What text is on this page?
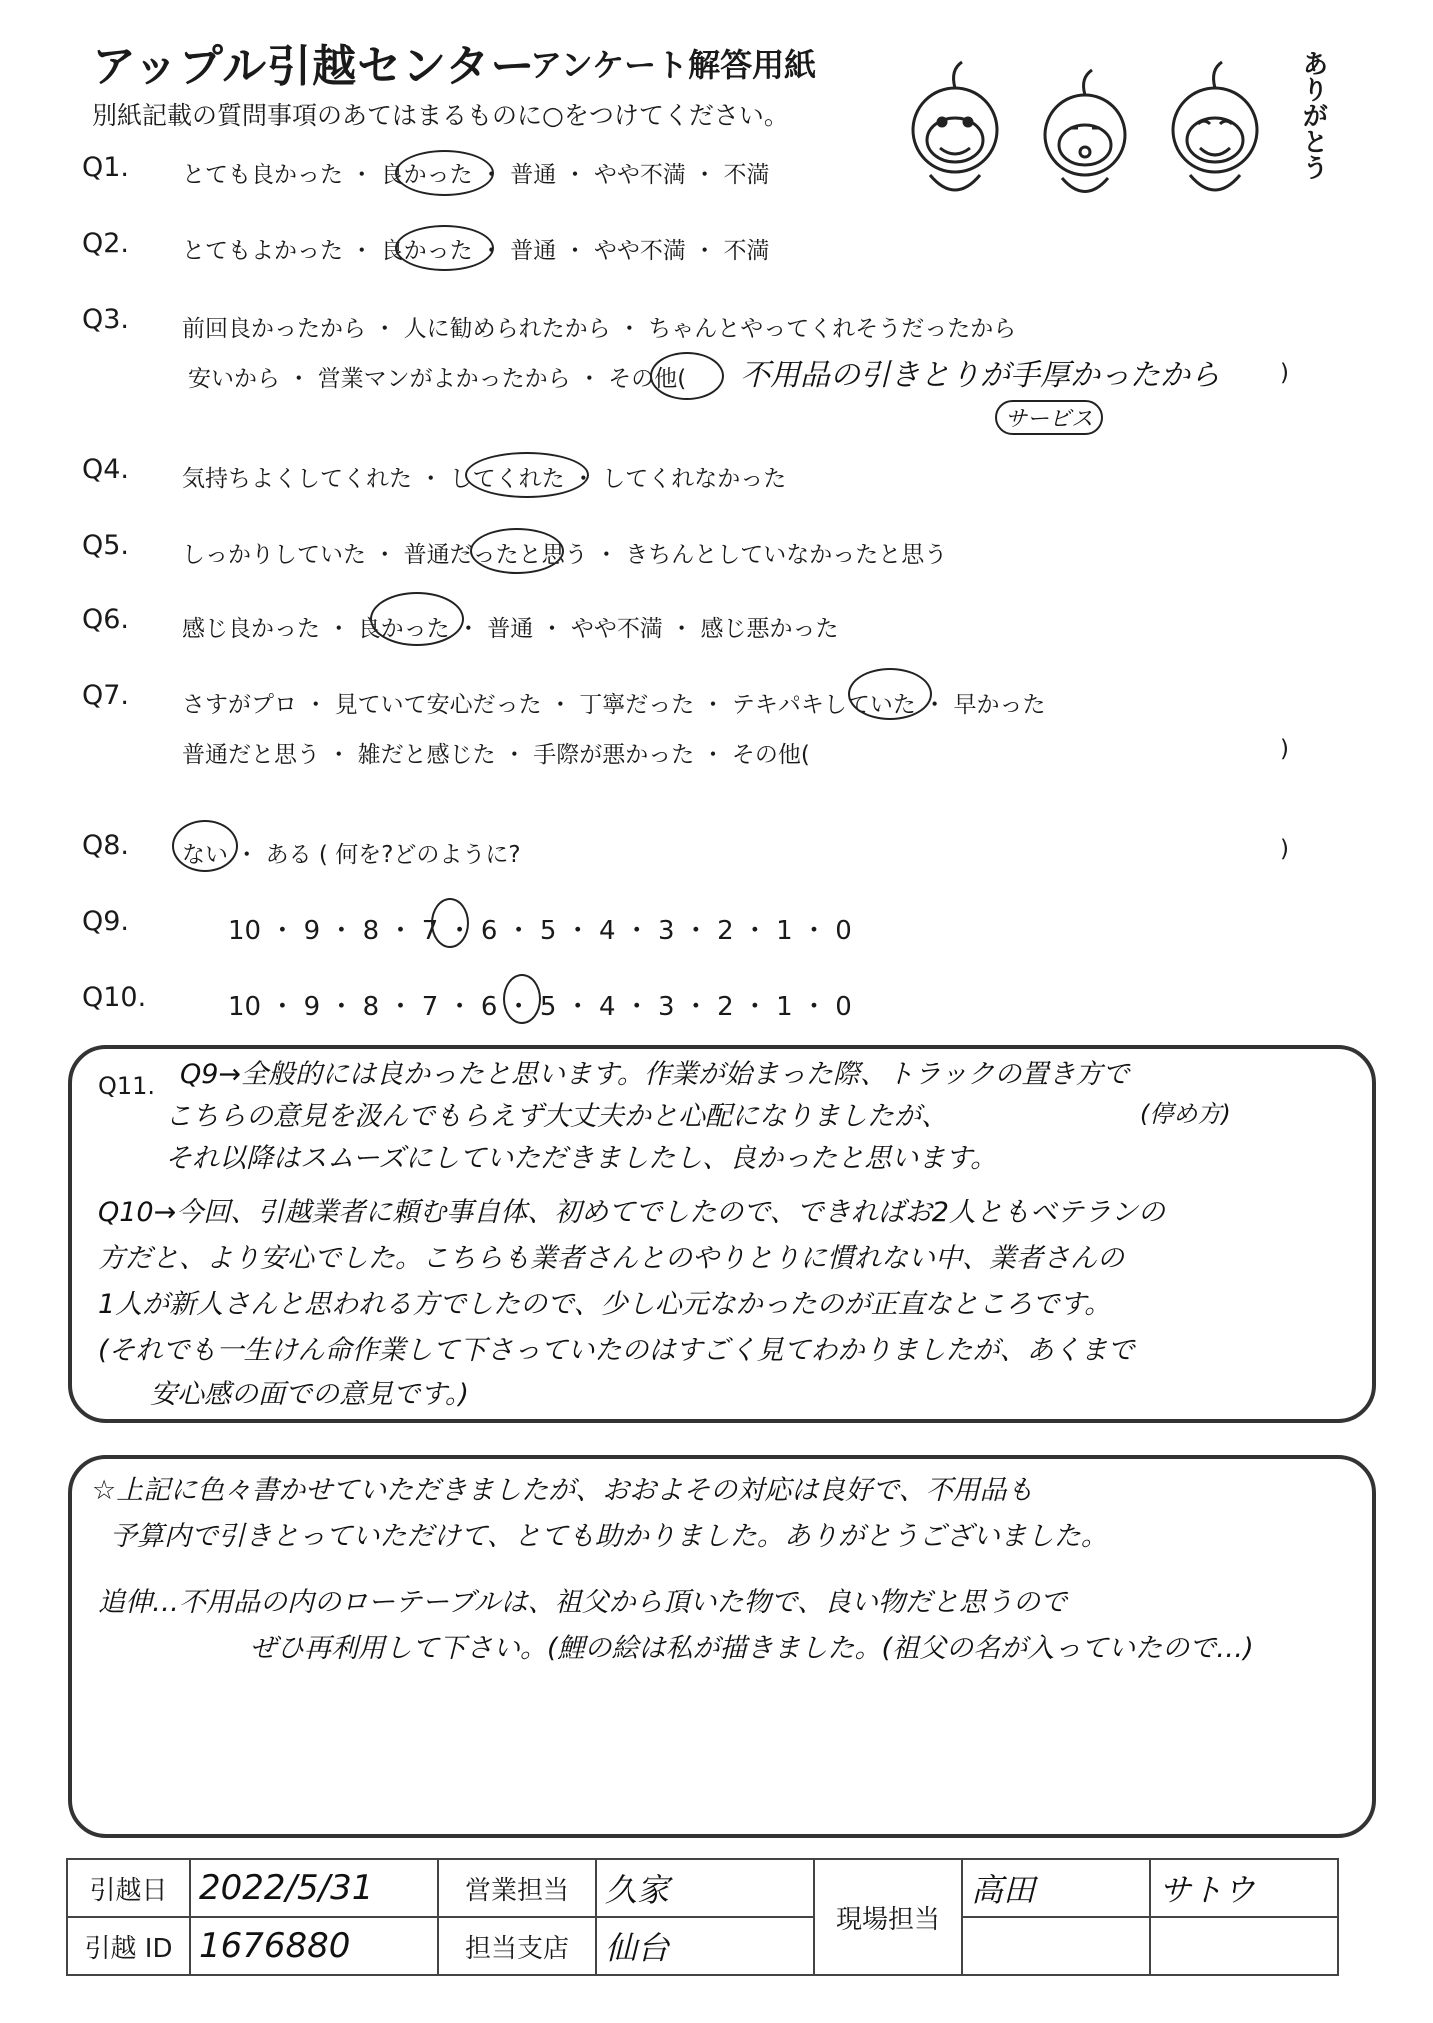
アップル引越センター
アンケート解答用紙
別紙記載の質問事項のあてはまるものに○をつけてください。	ありがとう
Q1. とても良かった ・ 良かった ・ 普通 ・ やや不満 ・ 不満
Q2. とてもよかった ・ 良かった ・ 普通 ・ やや不満 ・ 不満
Q3. 前回良かったから ・ 人に勧められたから ・ ちゃんとやってくれそうだったから
安いから ・ 営業マンがよかったから ・ その他( 不用品の引きとりが手厚かったから	)
サービス
Q4. 気持ちよくしてくれた ・ してくれた ・ してくれなかった
Q5. しっかりしていた ・ 普通だったと思う ・ きちんとしていなかったと思う
Q6. 感じ良かった ・ 良かった ・ 普通 ・ やや不満 ・ 感じ悪かった
Q7. さすがプロ ・ 見ていて安心だった ・ 丁寧だった ・ テキパキしていた ・ 早かった
普通だと思う ・ 雑だと感じた ・ 手際が悪かった ・ その他(	)
Q8. ない ・ ある ( 何を?どのように?	)
Q9.	10 ・ 9 ・ 8 ・ 7 ・ 6 ・ 5 ・ 4 ・ 3 ・ 2 ・ 1 ・ 0
Q10.	10 ・ 9 ・ 8 ・ 7 ・ 6 ・ 5 ・ 4 ・ 3 ・ 2 ・ 1 ・ 0
Q11. Q9→全般的には良かったと思います。作業が始まった際、トラックの置き方で
こちらの意見を汲んでもらえず大丈夫かと心配になりましたが、	(停め方)
それ以降はスムーズにしていただきましたし、良かったと思います。
Q10→今回、引越業者に頼む事自体、初めてでしたので、できればお2人ともベテランの
方だと、より安心でした。こちらも業者さんとのやりとりに慣れない中、業者さんの
1人が新人さんと思われる方でしたので、少し心元なかったのが正直なところです。
(それでも一生けん命作業して下さっていたのはすごく見てわかりましたが、あくまで
安心感の面での意見です。)
☆上記に色々書かせていただきましたが、おおよその対応は良好で、不用品も
予算内で引きとっていただけて、とても助かりました。ありがとうございました。
追伸…不用品の内のローテーブルは、祖父から頂いた物で、良い物だと思うので
ぜひ再利用して下さい。(鯉の絵は私が描きました。(祖父の名が入っていたので…)
引越日	2022/5/31	営業担当	久家	現場担当	高田	サトウ
引越 ID	1676880	担当支店	仙台			
